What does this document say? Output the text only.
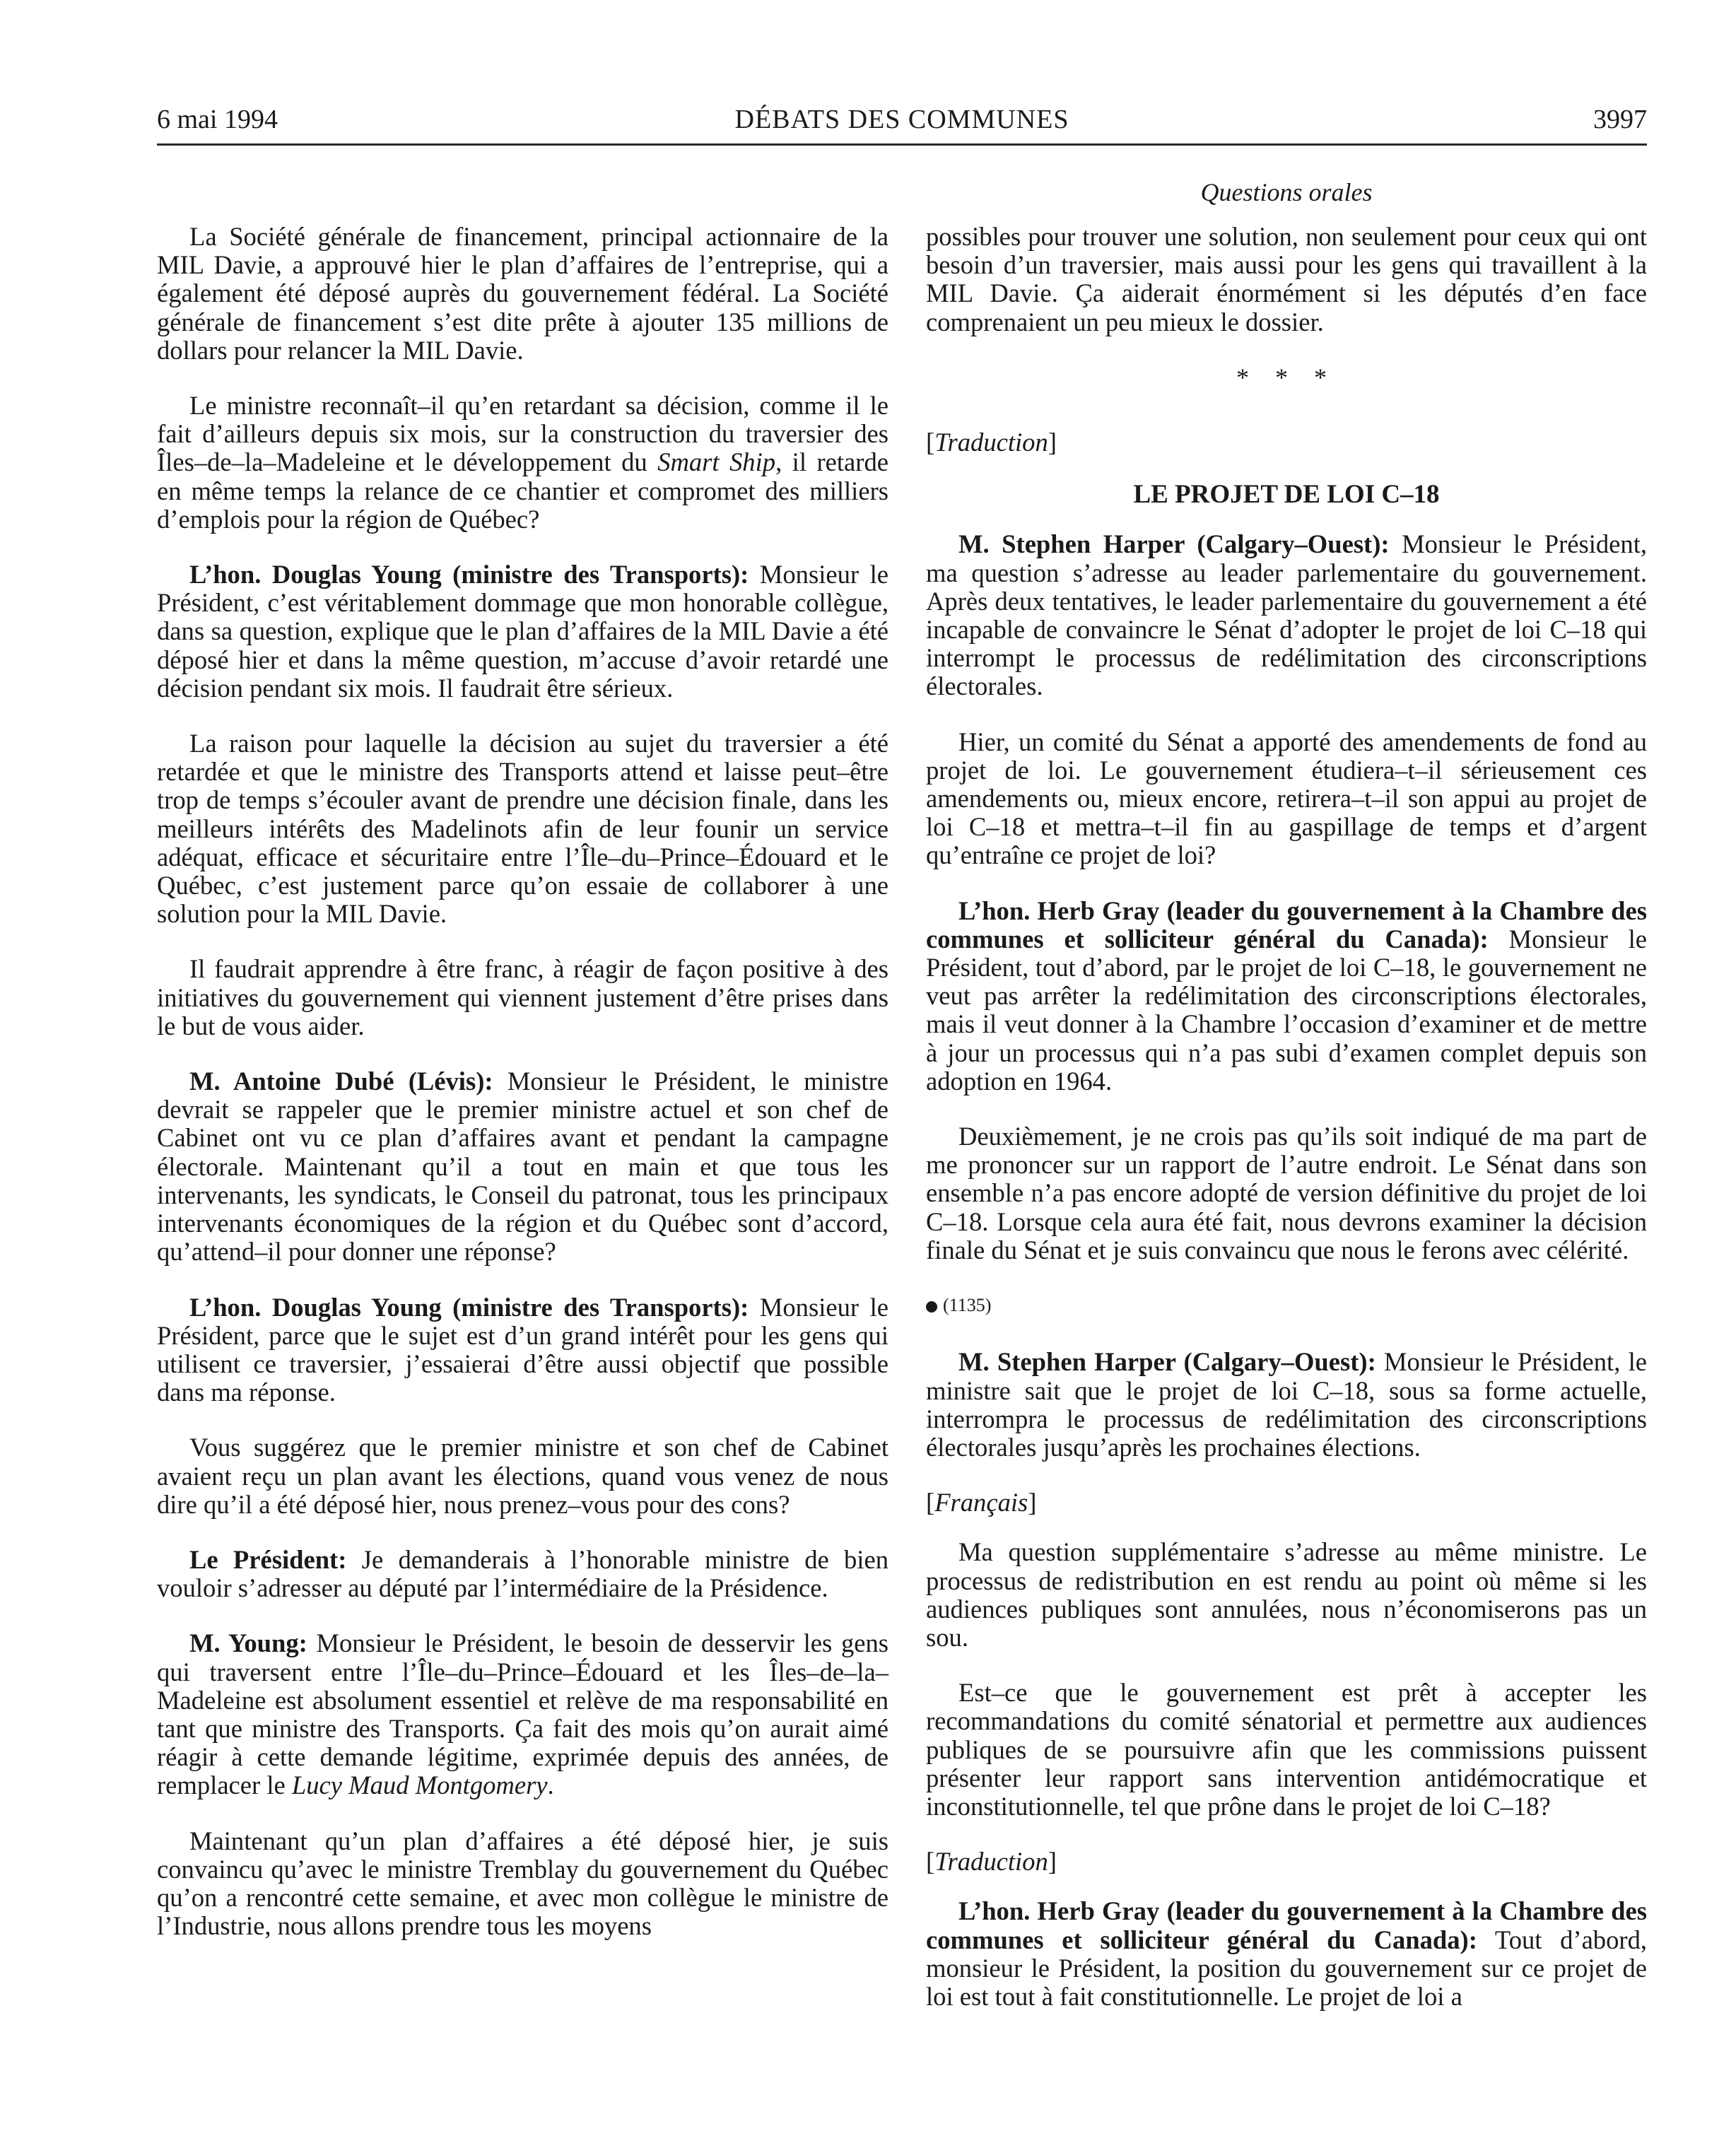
6 mai 1994	DÉBATS DES COMMUNES	3997
Questions orales

La Société générale de financement, principal actionnaire de la MIL Davie, a approuvé hier le plan d’affaires de l’entreprise, qui a également été déposé auprès du gouvernement fédéral. La Société générale de financement s’est dite prête à ajouter 135 millions de dollars pour relancer la MIL Davie.

Le ministre reconnaît–il qu’en retardant sa décision, comme il le fait d’ailleurs depuis six mois, sur la construction du traversier des Îles–de–la–Madeleine et le développement du Smart Ship, il retarde en même temps la relance de ce chantier et compromet des milliers d’emplois pour la région de Québec?

L’hon. Douglas Young (ministre des Transports): Monsieur le Président, c’est véritablement dommage que mon honorable collègue, dans sa question, explique que le plan d’affaires de la MIL Davie a été déposé hier et dans la même question, m’accuse d’avoir retardé une décision pendant six mois. Il faudrait être sérieux.

La raison pour laquelle la décision au sujet du traversier a été retardée et que le ministre des Transports attend et laisse peut–être trop de temps s’écouler avant de prendre une décision finale, dans les meilleurs intérêts des Madelinots afin de leur founir un service adéquat, efficace et sécuritaire entre l’Île–du–Prince–Édouard et le Québec, c’est justement parce qu’on essaie de collaborer à une solution pour la MIL Davie.

Il faudrait apprendre à être franc, à réagir de façon positive à des initiatives du gouvernement qui viennent justement d’être prises dans le but de vous aider.

M. Antoine Dubé (Lévis): Monsieur le Président, le ministre devrait se rappeler que le premier ministre actuel et son chef de Cabinet ont vu ce plan d’affaires avant et pendant la campagne électorale. Maintenant qu’il a tout en main et que tous les intervenants, les syndicats, le Conseil du patronat, tous les principaux intervenants économiques de la région et du Québec sont d’accord, qu’attend–il pour donner une réponse?

L’hon. Douglas Young (ministre des Transports): Monsieur le Président, parce que le sujet est d’un grand intérêt pour les gens qui utilisent ce traversier, j’essaierai d’être aussi objectif que possible dans ma réponse.

Vous suggérez que le premier ministre et son chef de Cabinet avaient reçu un plan avant les élections, quand vous venez de nous dire qu’il a été déposé hier, nous prenez–vous pour des cons?

Le Président: Je demanderais à l’honorable ministre de bien vouloir s’adresser au député par l’intermédiaire de la Présidence.

M. Young: Monsieur le Président, le besoin de desservir les gens qui traversent entre l’Île–du–Prince–Édouard et les Îles–de–la–Madeleine est absolument essentiel et relève de ma responsabilité en tant que ministre des Transports. Ça fait des mois qu’on aurait aimé réagir à cette demande légitime, exprimée depuis des années, de remplacer le Lucy Maud Montgomery.

Maintenant qu’un plan d’affaires a été déposé hier, je suis convaincu qu’avec le ministre Tremblay du gouvernement du Québec qu’on a rencontré cette semaine, et avec mon collègue le ministre de l’Industrie, nous allons prendre tous les moyens

possibles pour trouver une solution, non seulement pour ceux qui ont besoin d’un traversier, mais aussi pour les gens qui travaillent à la MIL Davie. Ça aiderait énormément si les députés d’en face comprenaient un peu mieux le dossier.

* * *

[Traduction]

LE PROJET DE LOI C–18

M. Stephen Harper (Calgary–Ouest): Monsieur le Président, ma question s’adresse au leader parlementaire du gouvernement. Après deux tentatives, le leader parlementaire du gouvernement a été incapable de convaincre le Sénat d’adopter le projet de loi C–18 qui interrompt le processus de redélimitation des circonscriptions électorales.

Hier, un comité du Sénat a apporté des amendements de fond au projet de loi. Le gouvernement étudiera–t–il sérieusement ces amendements ou, mieux encore, retirera–t–il son appui au projet de loi C–18 et mettra–t–il fin au gaspillage de temps et d’argent qu’entraîne ce projet de loi?

L’hon. Herb Gray (leader du gouvernement à la Chambre des communes et solliciteur général du Canada): Monsieur le Président, tout d’abord, par le projet de loi C–18, le gouvernement ne veut pas arrêter la redélimitation des circonscriptions électorales, mais il veut donner à la Chambre l’occasion d’examiner et de mettre à jour un processus qui n’a pas subi d’examen complet depuis son adoption en 1964.

Deuxièmement, je ne crois pas qu’ils soit indiqué de ma part de me prononcer sur un rapport de l’autre endroit. Le Sénat dans son ensemble n’a pas encore adopté de version définitive du projet de loi C–18. Lorsque cela aura été fait, nous devrons examiner la décision finale du Sénat et je suis convaincu que nous le ferons avec célérité.

(1135)

M. Stephen Harper (Calgary–Ouest): Monsieur le Président, le ministre sait que le projet de loi C–18, sous sa forme actuelle, interrompra le processus de redélimitation des circonscriptions électorales jusqu’après les prochaines élections.

[Français]

Ma question supplémentaire s’adresse au même ministre. Le processus de redistribution en est rendu au point où même si les audiences publiques sont annulées, nous n’économiserons pas un sou.

Est–ce que le gouvernement est prêt à accepter les recommandations du comité sénatorial et permettre aux audiences publiques de se poursuivre afin que les commissions puissent présenter leur rapport sans intervention antidémocratique et inconstitutionnelle, tel que prône dans le projet de loi C–18?

[Traduction]

L’hon. Herb Gray (leader du gouvernement à la Chambre des communes et solliciteur général du Canada): Tout d’abord, monsieur le Président, la position du gouvernement sur ce projet de loi est tout à fait constitutionnelle. Le projet de loi a
